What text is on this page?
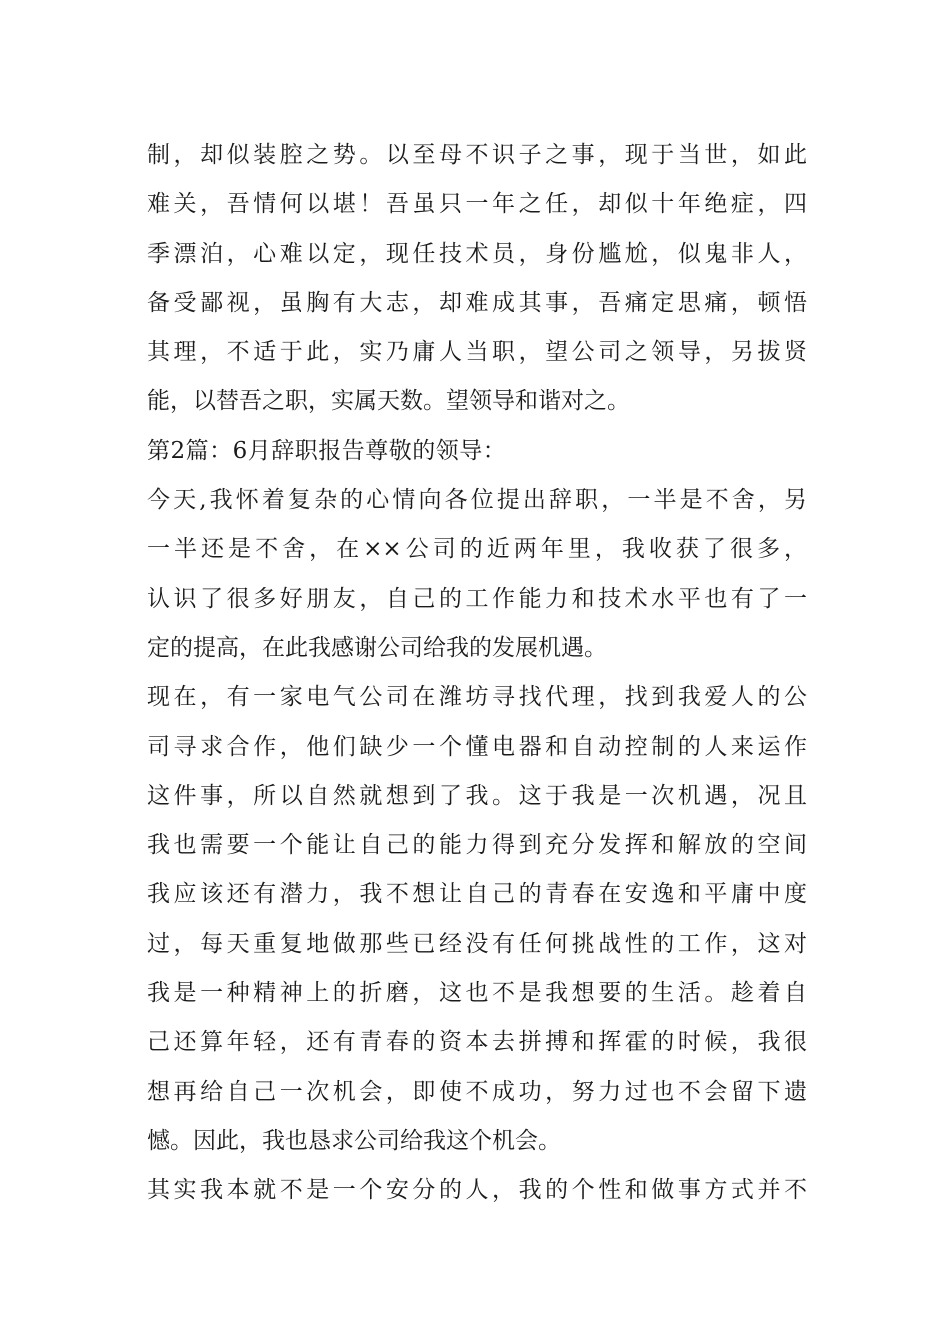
制，却似装腔之势。以至母不识子之事，现于当世，如此
难关，吾情何以堪！吾虽只一年之任，却似十年绝症，四
季漂泊，心难以定，现任技术员，身份尴尬，似鬼非人，
备受鄙视，虽胸有大志，却难成其事，吾痛定思痛，顿悟
其理，不适于此，实乃庸人当职，望公司之领导，另拔贤
能，以替吾之职，实属天数。望领导和谐对之。
第2篇：6月辞职报告尊敬的领导：
今天,我怀着复杂的心情向各位提出辞职，一半是不舍，另
一半还是不舍，在××公司的近两年里，我收获了很多，
认识了很多好朋友，自己的工作能力和技术水平也有了一
定的提高，在此我感谢公司给我的发展机遇。
现在，有一家电气公司在潍坊寻找代理，找到我爱人的公
司寻求合作，他们缺少一个懂电器和自动控制的人来运作
这件事，所以自然就想到了我。这于我是一次机遇，况且
我也需要一个能让自己的能力得到充分发挥和解放的空间
我应该还有潜力，我不想让自己的青春在安逸和平庸中度
过，每天重复地做那些已经没有任何挑战性的工作，这对
我是一种精神上的折磨，这也不是我想要的生活。趁着自
己还算年轻，还有青春的资本去拼搏和挥霍的时候，我很
想再给自己一次机会，即使不成功，努力过也不会留下遗
憾。因此，我也恳求公司给我这个机会。
其实我本就不是一个安分的人，我的个性和做事方式并不
